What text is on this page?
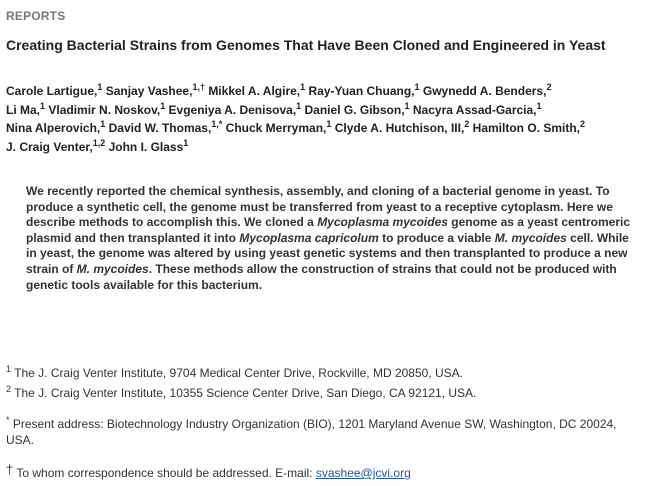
REPORTS
Creating Bacterial Strains from Genomes That Have Been Cloned and Engineered in Yeast
Carole Lartigue,$^1$ Sanjay Vashee,$^{1,\dagger}$ Mikkel A. Algire,$^1$ Ray-Yuan Chuang,$^1$ Gwynedd A. Benders,$^2$
Li Ma,$^1$ Vladimir N. Noskov,$^1$ Evgeniya A. Denisova,$^1$ Daniel G. Gibson,$^1$ Nacyra Assad-Garcia,$^1$
Nina Alperovich,$^1$ David W. Thomas,$^{1,*}$ Chuck Merryman,$^1$ Clyde A. Hutchison, III,$^2$ Hamilton O. Smith,$^2$
J. Craig Venter,$^{1,2}$ John I. Glass$^1$
We recently reported the chemical synthesis, assembly, and cloning of a bacterial genome in yeast. To produce a synthetic cell, the genome must be transferred from yeast to a receptive cytoplasm. Here we describe methods to accomplish this. We cloned a Mycoplasma mycoides genome as a yeast centromeric plasmid and then transplanted it into Mycoplasma capricolum to produce a viable M. mycoides cell. While in yeast, the genome was altered by using yeast genetic systems and then transplanted to produce a new strain of M. mycoides. These methods allow the construction of strains that could not be produced with genetic tools available for this bacterium.
$^1$ The J. Craig Venter Institute, 9704 Medical Center Drive, Rockville, MD 20850, USA.
$^2$ The J. Craig Venter Institute, 10355 Science Center Drive, San Diego, CA 92121, USA.
* Present address: Biotechnology Industry Organization (BIO), 1201 Maryland Avenue SW, Washington, DC 20024, USA.
† To whom correspondence should be addressed. E-mail: svashee@jcvi.org
